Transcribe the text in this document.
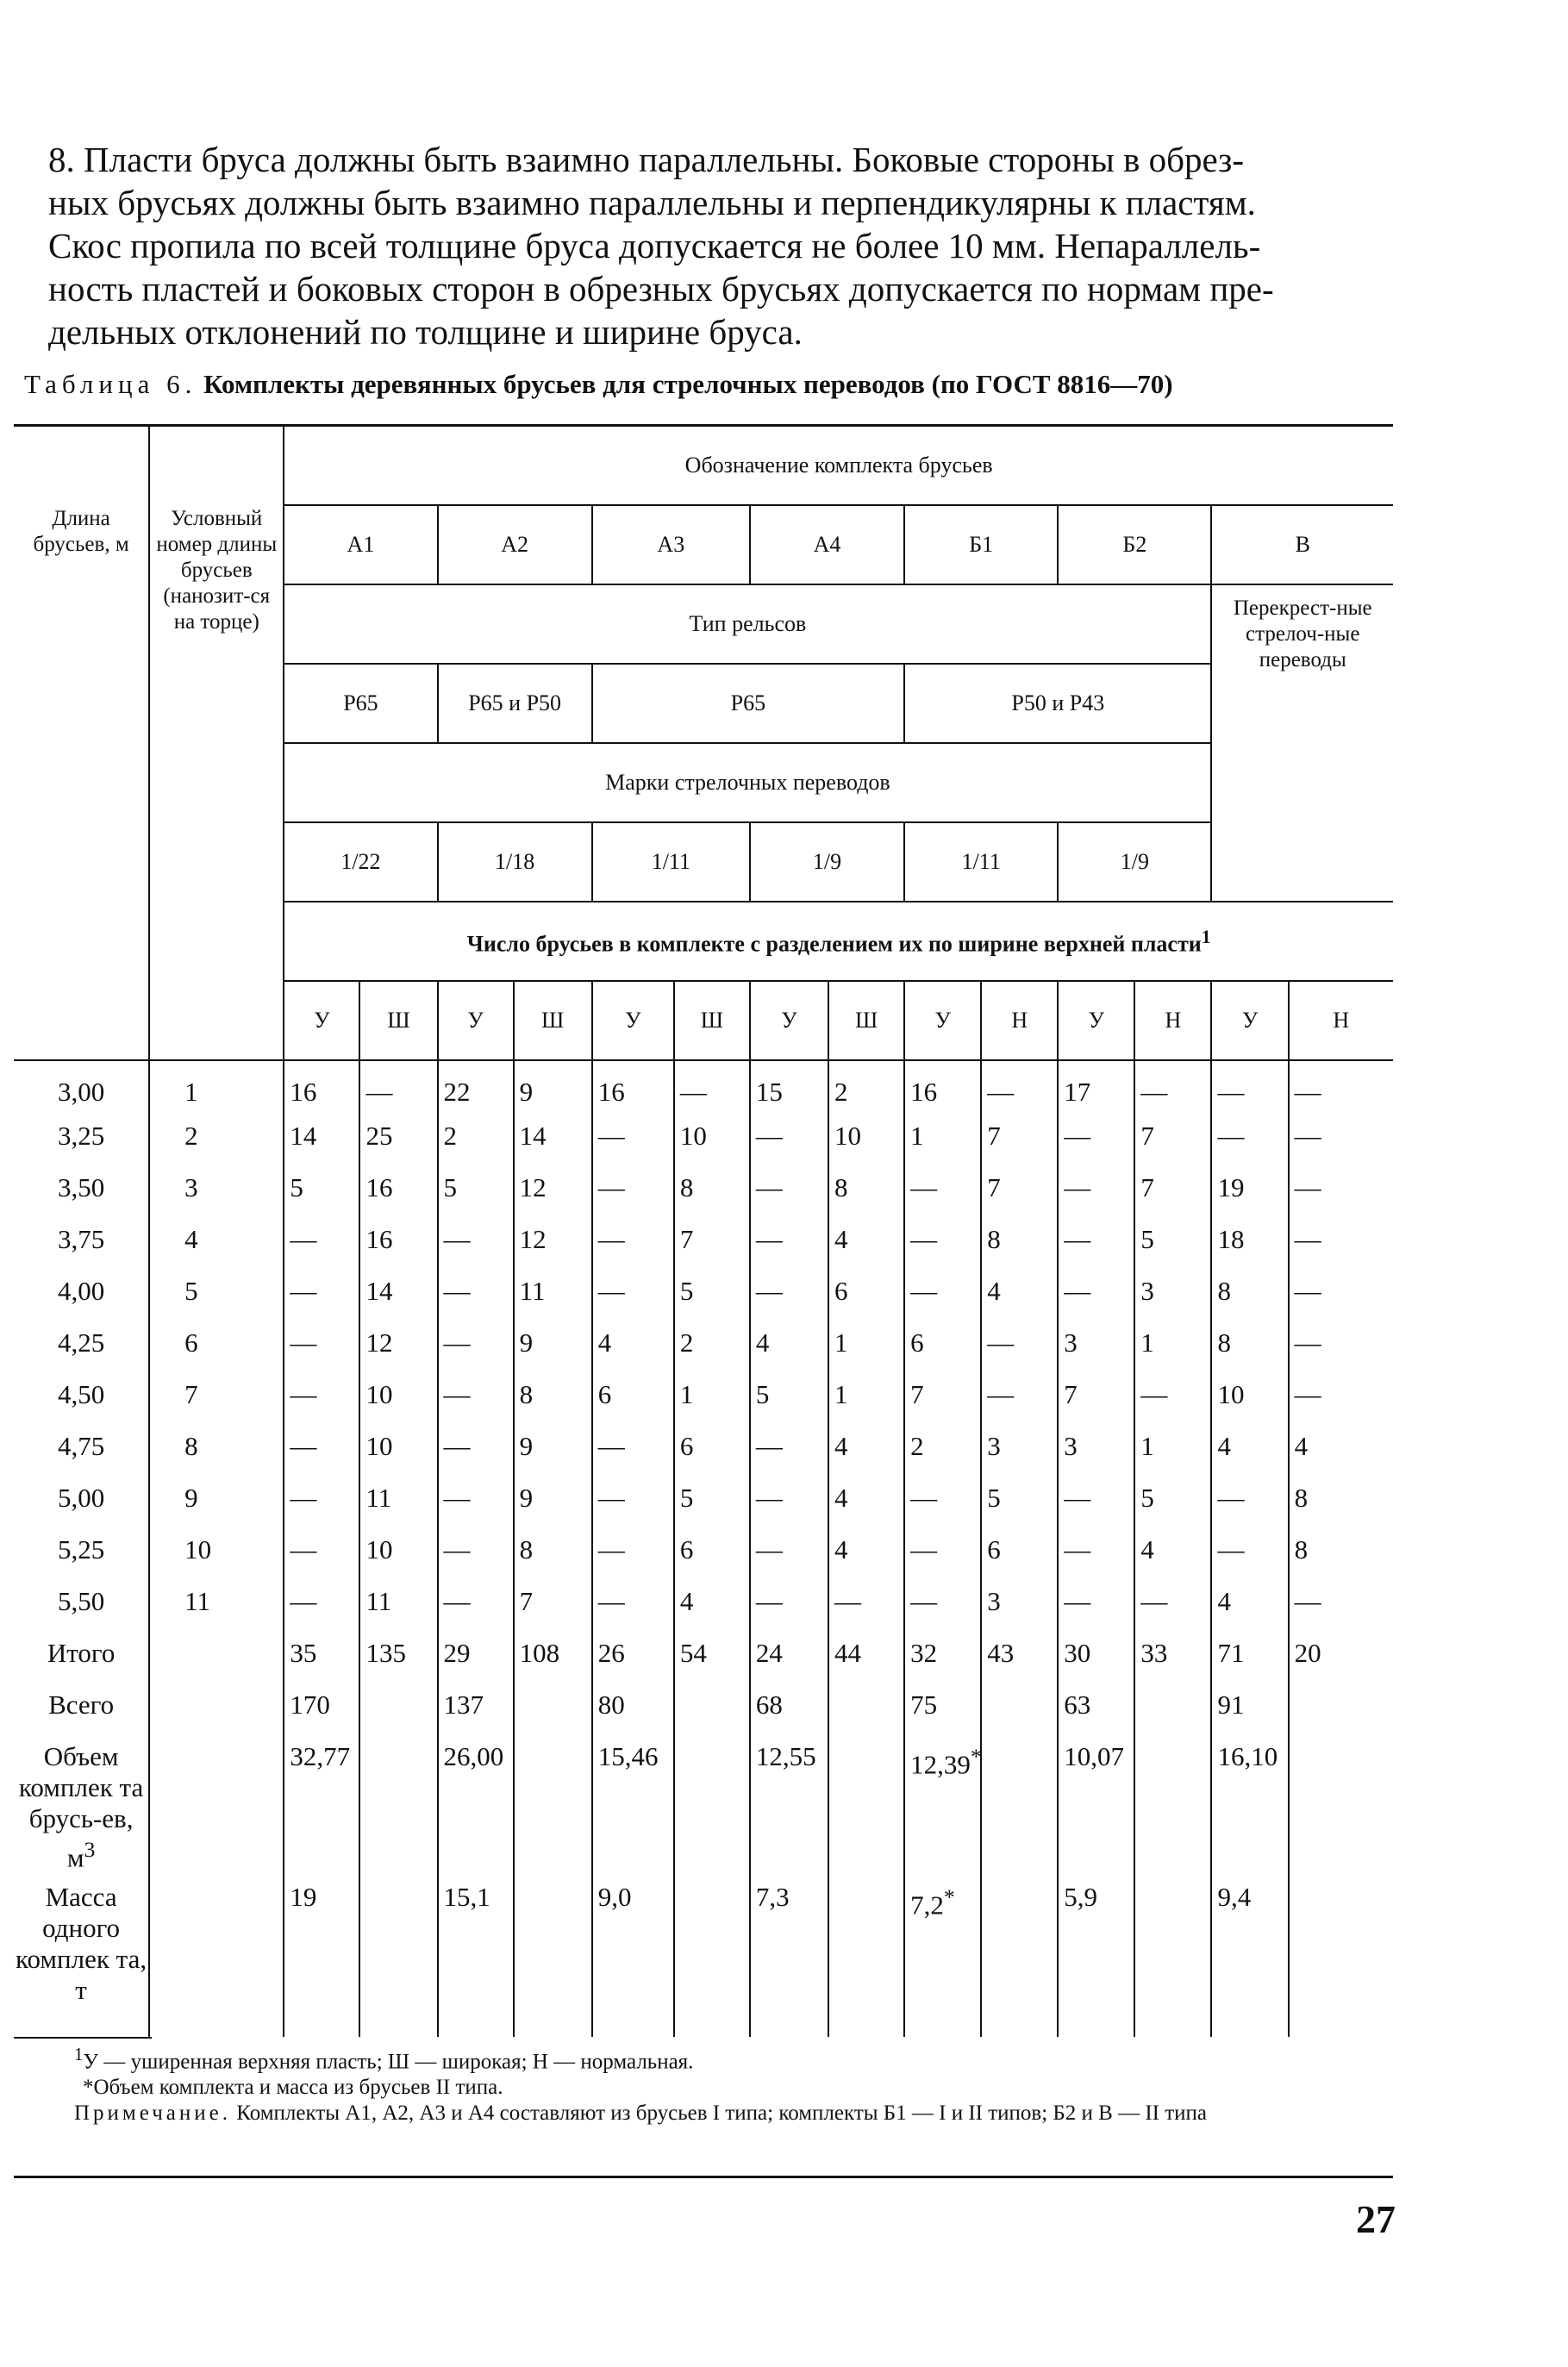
8. Пласти бруса должны быть взаимно параллельны. Боковые стороны в обрез-
ных брусьях должны быть взаимно параллельны и перпендикулярны к пластям.
Скос пропила по всей толщине бруса допускается не более 10 мм. Непараллель-
ность пластей и боковых сторон в обрезных брусьях допускается по нормам пре-
дельных отклонений по толщине и ширине бруса.
Таблица 6. Комплекты деревянных брусьев для стрелочных переводов (по ГОСТ 8816—70)
Длина брусьев, м	Условный номер длины брусьев (нанозит-ся на торце)	Обозначение комплекта брусьев													
		А1		А2		А3		А4		Б1		Б2		В	
		Тип рельсов												Перекрест-ные стрелоч-ные переводы	
		Р65		Р65 и Р50		Р65				Р50 и Р43					
		Марки стрелочных переводов													
		1/22		1/18		1/11		1/9		1/11		1/9			
		Число брусьев в комплекте с разделением их по ширине верхней пласти$^1$
		У	Ш	У	Ш	У	Ш	У	Ш	У	Н	У	Н	У	Н
3,00	1	16	—	22	9	16	—	15	2	16	—	17	—	—	—
3,25	2	14	25	2	14	—	10	—	10	1	7	—	7	—	—
3,50	3	5	16	5	12	—	8	—	8	—	7	—	7	19	—
3,75	4	—	16	—	12	—	7	—	4	—	8	—	5	18	—
4,00	5	—	14	—	11	—	5	—	6	—	4	—	3	8	—
4,25	6	—	12	—	9	4	2	4	1	6	—	3	1	8	—
4,50	7	—	10	—	8	6	1	5	1	7	—	7	—	10	—
4,75	8	—	10	—	9	—	6	—	4	2	3	3	1	4	4
5,00	9	—	11	—	9	—	5	—	4	—	5	—	5	—	8
5,25	10	—	10	—	8	—	6	—	4	—	6	—	4	—	8
5,50	11	—	11	—	7	—	4	—	—	—	3	—	—	4	—
Итого		35	135	29	108	26	54	24	44	32	43	30	33	71	20
Всего		170		137		80		68		75		63		91	
Объем комплек та брусь-ев, $м^3$		32,77		26,00		15,46		12,55		12,39*		10,07		16,10	
Масса одного комплек та, т		19		15,1		9,0		7,3		7,2*		5,9		9,4	

$^1$У — уширенная верхняя пласть; Ш — широкая; Н — нормальная.

*Объем комплекта и масса из брусьев II типа.

Примечание. Комплекты А1, А2, А3 и А4 составляют из брусьев I типа; комплекты Б1 — I и II типов; Б2 и В — II типа

27
